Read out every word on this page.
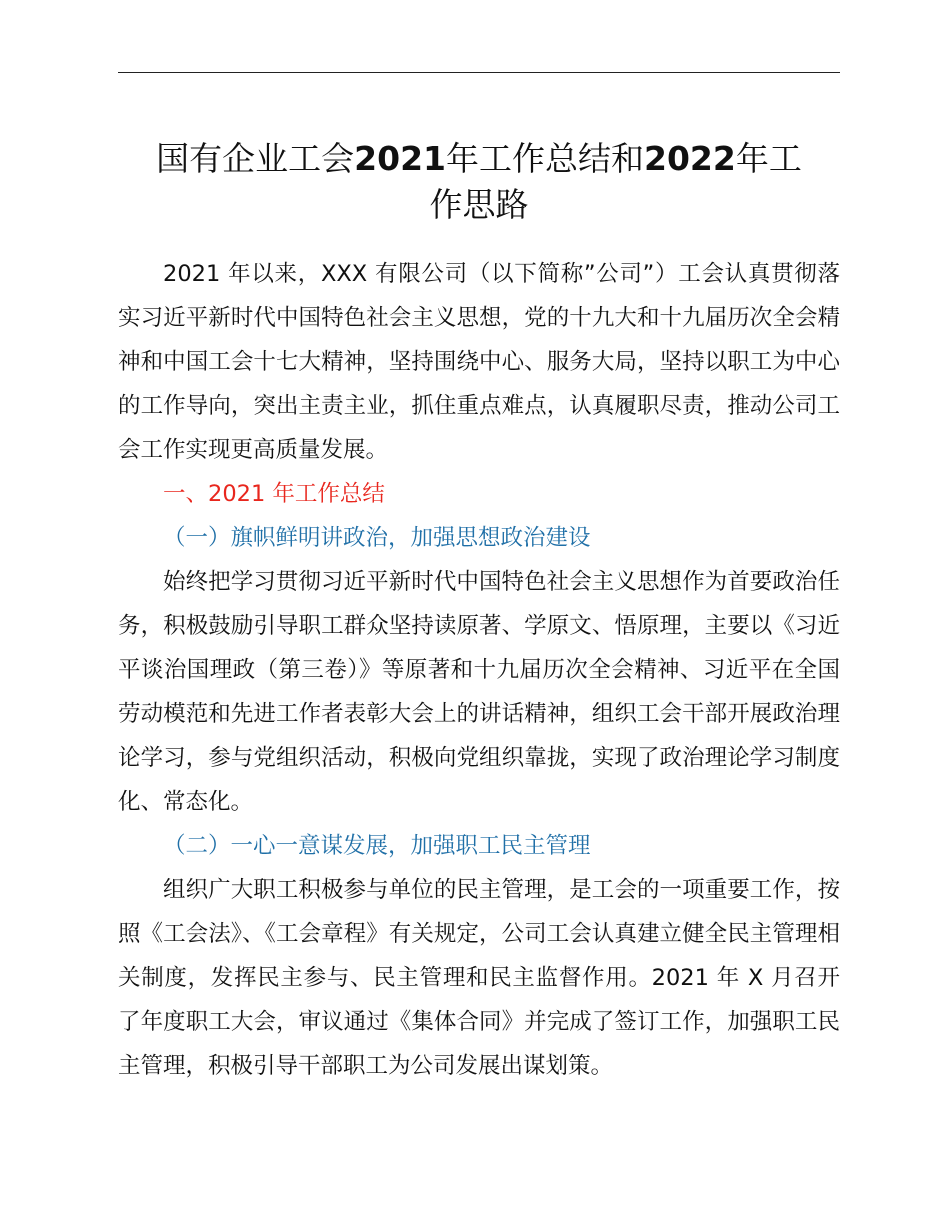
国有企业工会2021年工作总结和2022年工
作思路

2021 年以来，XXX 有限公司（以下简称”公司”）工会认真贯彻落实习近平新时代中国特色社会主义思想，党的十九大和十九届历次全会精神和中国工会十七大精神，坚持围绕中心、服务大局，坚持以职工为中心的工作导向，突出主责主业，抓住重点难点，认真履职尽责，推动公司工会工作实现更高质量发展。

一、2021 年工作总结

（一）旗帜鲜明讲政治，加强思想政治建设

始终把学习贯彻习近平新时代中国特色社会主义思想作为首要政治任务，积极鼓励引导职工群众坚持读原著、学原文、悟原理，主要以《习近平谈治国理政（第三卷）》等原著和十九届历次全会精神、习近平在全国劳动模范和先进工作者表彰大会上的讲话精神，组织工会干部开展政治理论学习，参与党组织活动，积极向党组织靠拢，实现了政治理论学习制度化、常态化。

（二）一心一意谋发展，加强职工民主管理

组织广大职工积极参与单位的民主管理，是工会的一项重要工作，按照《工会法》、《工会章程》有关规定，公司工会认真建立健全民主管理相关制度，发挥民主参与、民主管理和民主监督作用。2021 年 X 月召开了年度职工大会，审议通过《集体合同》并完成了签订工作，加强职工民主管理，积极引导干部职工为公司发展出谋划策。
